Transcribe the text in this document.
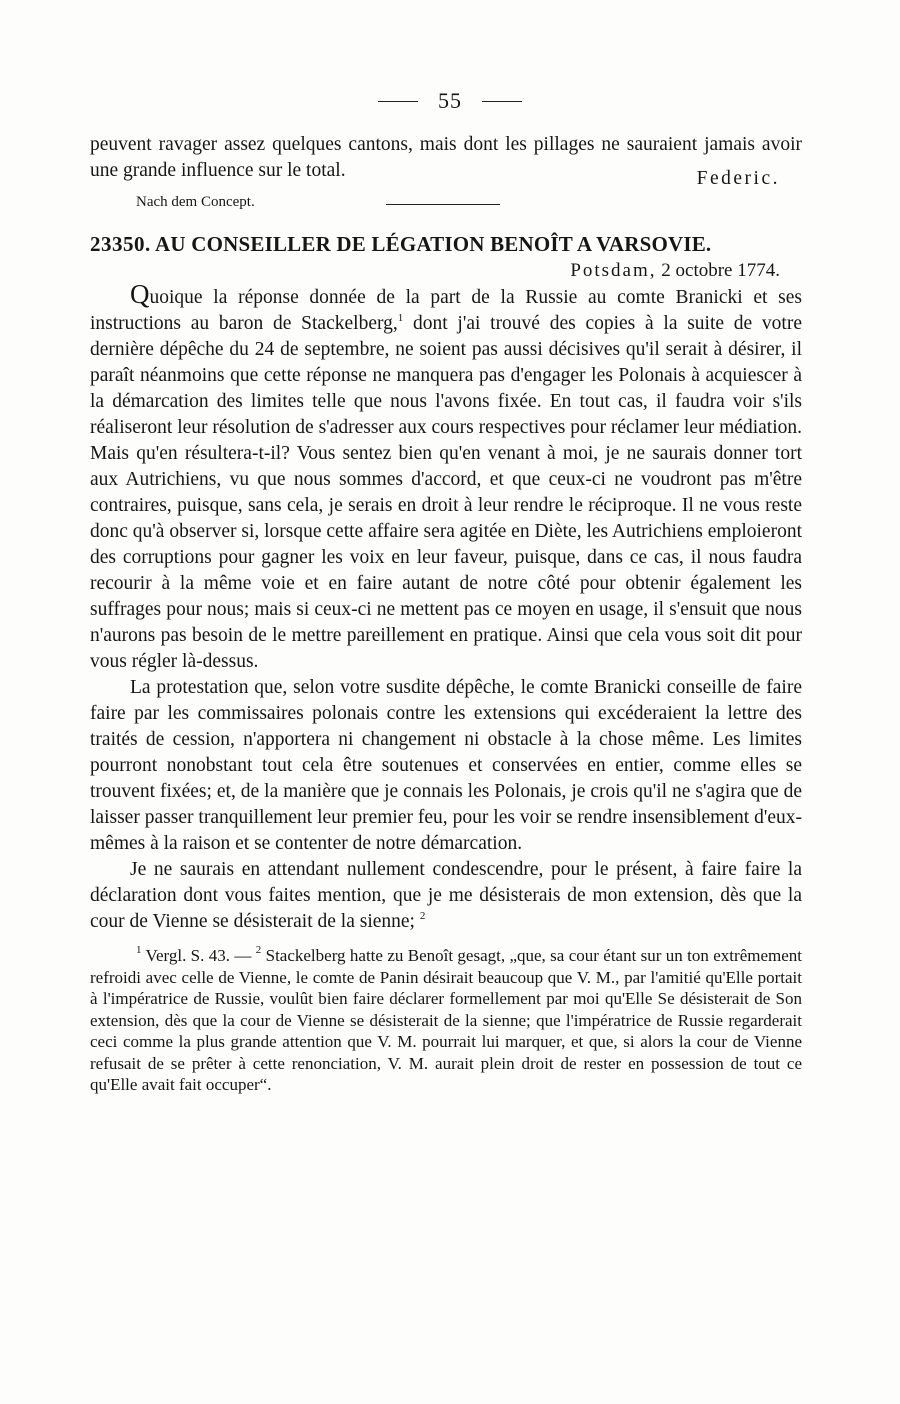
55

peuvent ravager assez quelques cantons, mais dont les pillages ne sauraient jamais avoir une grande influence sur le total.	Federic.
Nach dem Concept.
23350. AU CONSEILLER DE LÉGATION BENOÎT A VARSOVIE.

Potsdam, 2 octobre 1774.

Quoique la réponse donnée de la part de la Russie au comte Branicki et ses instructions au baron de Stackelberg,$^1$ dont j'ai trouvé des copies à la suite de votre dernière dépêche du 24 de septembre, ne soient pas aussi décisives qu'il serait à désirer, il paraît néanmoins que cette réponse ne manquera pas d'engager les Polonais à acquiescer à la démarcation des limites telle que nous l'avons fixée. En tout cas, il faudra voir s'ils réaliseront leur résolution de s'adresser aux cours respectives pour réclamer leur médiation. Mais qu'en résultera-t-il? Vous sentez bien qu'en venant à moi, je ne saurais donner tort aux Autrichiens, vu que nous sommes d'accord, et que ceux-ci ne voudront pas m'être contraires, puisque, sans cela, je serais en droit à leur rendre le réciproque. Il ne vous reste donc qu'à observer si, lorsque cette affaire sera agitée en Diète, les Autrichiens emploieront des corruptions pour gagner les voix en leur faveur, puisque, dans ce cas, il nous faudra recourir à la même voie et en faire autant de notre côté pour obtenir également les suffrages pour nous; mais si ceux-ci ne mettent pas ce moyen en usage, il s'ensuit que nous n'aurons pas besoin de le mettre pareillement en pratique. Ainsi que cela vous soit dit pour vous régler là-dessus.

La protestation que, selon votre susdite dépêche, le comte Branicki conseille de faire faire par les commissaires polonais contre les extensions qui excéderaient la lettre des traités de cession, n'apportera ni changement ni obstacle à la chose même. Les limites pourront nonobstant tout cela être soutenues et conservées en entier, comme elles se trouvent fixées; et, de la manière que je connais les Polonais, je crois qu'il ne s'agira que de laisser passer tranquillement leur premier feu, pour les voir se rendre insensiblement d'eux-mêmes à la raison et se contenter de notre démarcation.

Je ne saurais en attendant nullement condescendre, pour le présent, à faire faire la déclaration dont vous faites mention, que je me désisterais de mon extension, dès que la cour de Vienne se désisterait de la sienne; $^2$

$^1$ Vergl. S. 43. — $^2$ Stackelberg hatte zu Benoît gesagt, „que, sa cour étant sur un ton extrêmement refroidi avec celle de Vienne, le comte de Panin désirait beaucoup que V. M., par l'amitié qu'Elle portait à l'impératrice de Russie, voulût bien faire déclarer formellement par moi qu'Elle Se désisterait de Son extension, dès que la cour de Vienne se désisterait de la sienne; que l'impératrice de Russie regarderait ceci comme la plus grande attention que V. M. pourrait lui marquer, et que, si alors la cour de Vienne refusait de se prêter à cette renonciation, V. M. aurait plein droit de rester en possession de tout ce qu'Elle avait fait occuper“.
